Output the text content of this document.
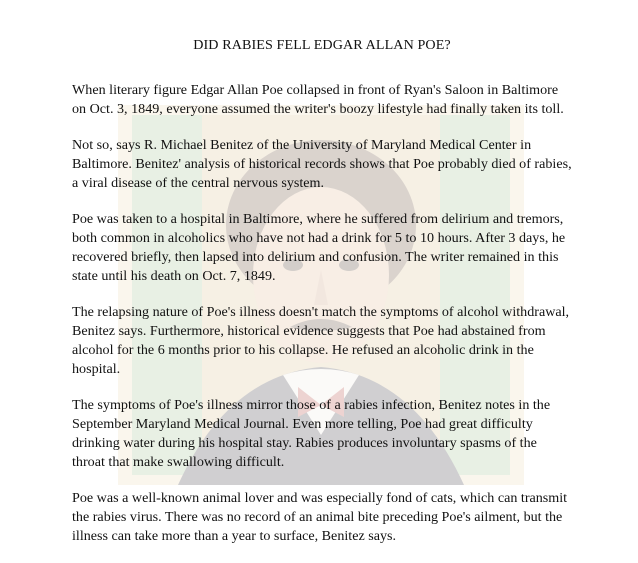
DID RABIES FELL EDGAR ALLAN POE?

When literary figure Edgar Allan Poe collapsed in front of Ryan's Saloon in Baltimore on Oct. 3, 1849, everyone assumed the writer's boozy lifestyle had finally taken its toll.

Not so, says R. Michael Benitez of the University of Maryland Medical Center in Baltimore. Benitez' analysis of historical records shows that Poe probably died of rabies, a viral disease of the central nervous system.

Poe was taken to a hospital in Baltimore, where he suffered from delirium and tremors, both common in alcoholics who have not had a drink for 5 to 10 hours. After 3 days, he recovered briefly, then lapsed into delirium and confusion. The writer remained in this state until his death on Oct. 7, 1849.

The relapsing nature of Poe's illness doesn't match the symptoms of alcohol withdrawal, Benitez says. Furthermore, historical evidence suggests that Poe had abstained from alcohol for the 6 months prior to his collapse. He refused an alcoholic drink in the hospital.

The symptoms of Poe's illness mirror those of a rabies infection, Benitez notes in the September Maryland Medical Journal. Even more telling, Poe had great difficulty drinking water during his hospital stay. Rabies produces involuntary spasms of the throat that make swallowing difficult.

Poe was a well-known animal lover and was especially fond of cats, which can transmit the rabies virus. There was no record of an animal bite preceding Poe's ailment, but the illness can take more than a year to surface, Benitez says.
